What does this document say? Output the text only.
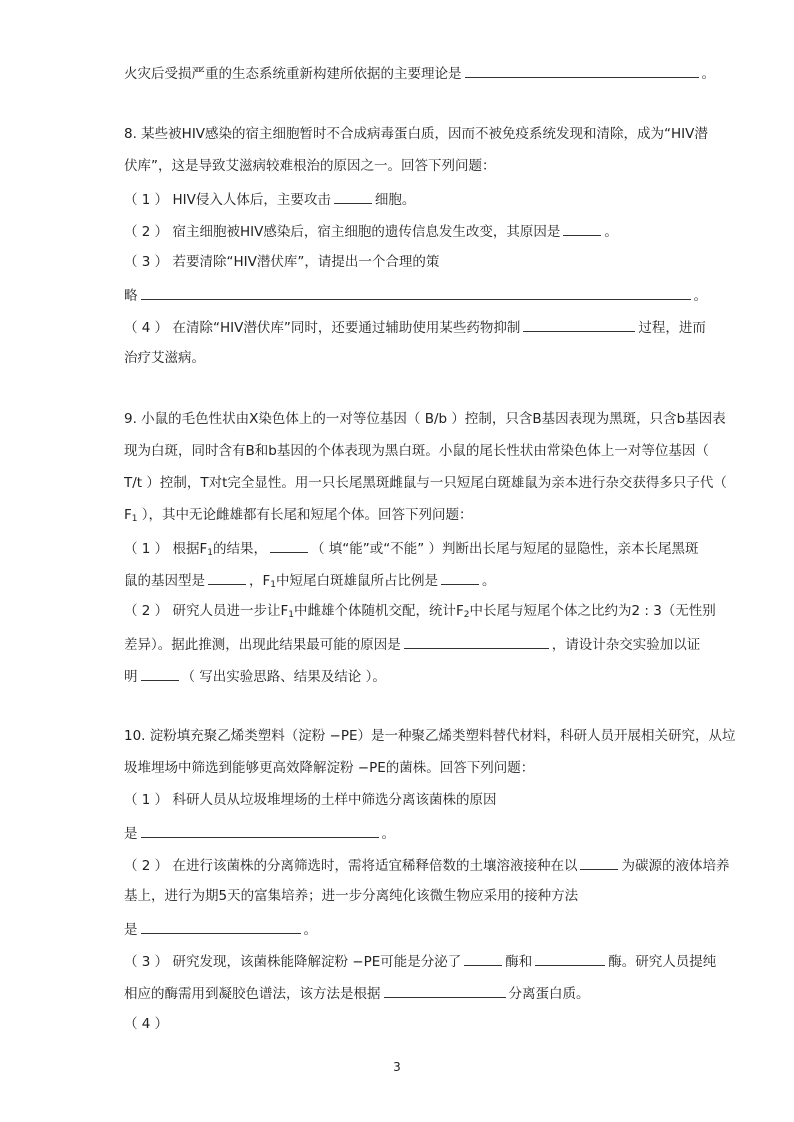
火灾后受损严重的生态系统重新构建所依据的主要理论是	。
8. 某些被HIV感染的宿主细胞暂时不合成病毒蛋白质，因而不被免疫系统发现和清除，成为“HIV潜
伏库”，这是导致艾滋病较难根治的原因之一。回答下列问题：
（ 1 ） HIV侵入人体后，主要攻击	细胞。
（ 2 ） 宿主细胞被HIV感染后，宿主细胞的遗传信息发生改变，其原因是	。
（ 3 ） 若要清除“HIV潜伏库”，请提出一个合理的策
略	。
（ 4 ） 在清除“HIV潜伏库”同时，还要通过辅助使用某些药物抑制	过程，进而
治疗艾滋病。
9. 小鼠的毛色性状由X染色体上的一对等位基因（ B/b ）控制，只含B基因表现为黑斑，只含b基因表
现为白斑，同时含有B和b基因的个体表现为黑白斑。小鼠的尾长性状由常染色体上一对等位基因（
T/t ）控制，T对t完全显性。用一只长尾黑斑雌鼠与一只短尾白斑雄鼠为亲本进行杂交获得多只子代（
$F_1$ ），其中无论雌雄都有长尾和短尾个体。回答下列问题：
（ 1 ） 根据$F_1$的结果，	（ 填“能”或“不能” ）判断出长尾与短尾的显隐性，亲本长尾黑斑
鼠的基因型是	，$F_1$中短尾白斑雄鼠所占比例是	。
（ 2 ） 研究人员进一步让$F_1$中雌雄个体随机交配，统计$F_2$中长尾与短尾个体之比约为2 : 3（无性别
差异）。据此推测，出现此结果最可能的原因是	，请设计杂交实验加以证
明	（ 写出实验思路、结果及结论 ）。
10. 淀粉填充聚乙烯类塑料（淀粉 −PE）是一种聚乙烯类塑料替代材料，科研人员开展相关研究，从垃
圾堆埋场中筛选到能够更高效降解淀粉 −PE的菌株。回答下列问题：
（ 1 ） 科研人员从垃圾堆埋场的土样中筛选分离该菌株的原因
是	。
（ 2 ） 在进行该菌株的分离筛选时，需将适宜稀释倍数的土壤溶液接种在以	为碳源的液体培养
基上，进行为期5天的富集培养；进一步分离纯化该微生物应采用的接种方法
是	。
（ 3 ） 研究发现，该菌株能降解淀粉 −PE可能是分泌了	酶和	酶。研究人员提纯
相应的酶需用到凝胶色谱法，该方法是根据	分离蛋白质。
（ 4 ）
3
